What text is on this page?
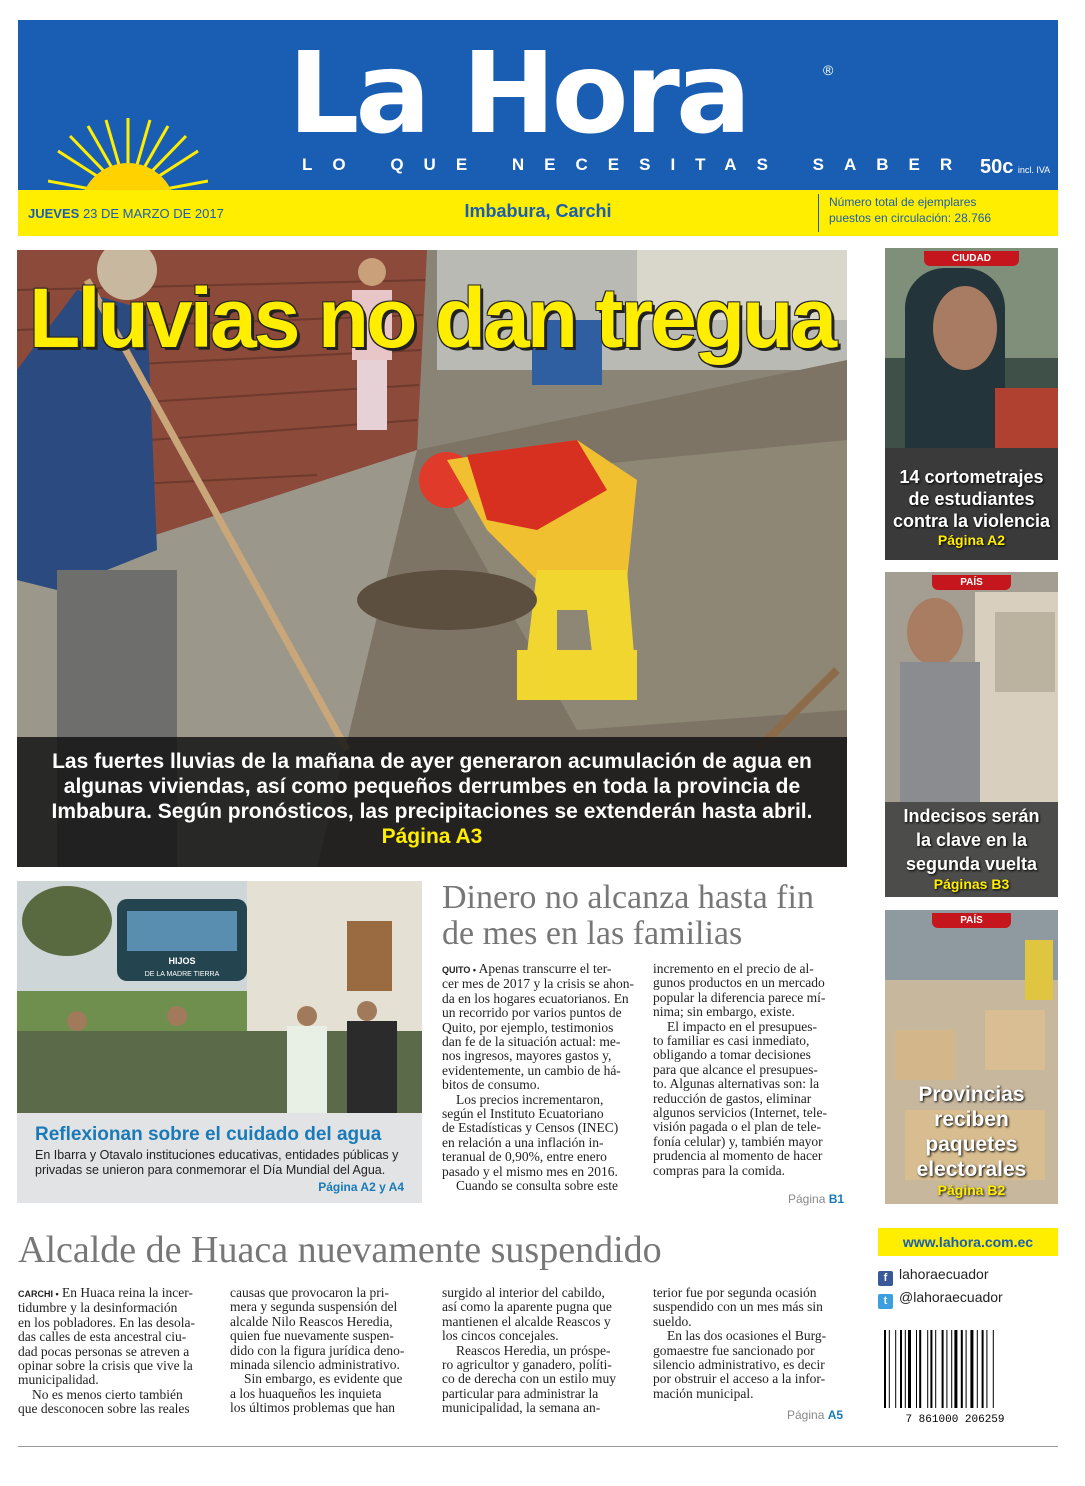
La Hora	®
LO QUE NECESITAS SABER 50c incl. IVA
JUEVES 23 DE MARZO DE 2017	Imbabura, Carchi	Número total de ejemplares
puestos en circulación: 28.766
Lluvias no dan tregua
Las fuertes lluvias de la mañana de ayer generaron acumulación de agua en
algunas viviendas, así como pequeños derrumbes en toda la provincia de
Imbabura. Según pronósticos, las precipitaciones se extenderán hasta abril.
Página A3
CIUDAD
14 cortometrajes
de estudiantes
contra la violencia
Página A2
PAÍS
Indecisos serán
la clave en la
segunda vuelta
Páginas B3
PAÍS
Provincias
reciben
paquetes
electorales
Página B2
HIJOS
DE LA MADRE TIERRA
Reflexionan sobre el cuidado del agua
En Ibarra y Otavalo instituciones educativas, entidades públicas y
privadas se unieron para conmemorar el Día Mundial del Agua.
Página A2 y A4
Dinero no alcanza hasta fin
de mes en las familias
QUITO • Apenas transcurre el ter-
cer mes de 2017 y la crisis se ahon-
da en los hogares ecuatorianos. En
un recorrido por varios puntos de
Quito, por ejemplo, testimonios
dan fe de la situación actual: me-
nos ingresos, mayores gastos y,
evidentemente, un cambio de há-
bitos de consumo.
Los precios incrementaron,
según el Instituto Ecuatoriano
de Estadísticas y Censos (INEC)
en relación a una inflación in-
teranual de 0,90%, entre enero
pasado y el mismo mes en 2016.
Cuando se consulta sobre este
incremento en el precio de al-
gunos productos en un mercado
popular la diferencia parece mí-
nima; sin embargo, existe.
El impacto en el presupues-
to familiar es casi inmediato,
obligando a tomar decisiones
para que alcance el presupues-
to. Algunas alternativas son: la
reducción de gastos, eliminar
algunos servicios (Internet, tele-
visión pagada o el plan de tele-
fonía celular) y, también mayor
prudencia al momento de hacer
compras para la comida.
Página B1
Alcalde de Huaca nuevamente suspendido
CARCHI • En Huaca reina la incer-
tidumbre y la desinformación
en los pobladores. En las desola-
das calles de esta ancestral ciu-
dad pocas personas se atreven a
opinar sobre la crisis que vive la
municipalidad.
No es menos cierto también
que desconocen sobre las reales
causas que provocaron la pri-
mera y segunda suspensión del
alcalde Nilo Reascos Heredia,
quien fue nuevamente suspen-
dido con la figura jurídica deno-
minada silencio administrativo.
Sin embargo, es evidente que
a los huaqueños les inquieta
los últimos problemas que han
surgido al interior del cabildo,
así como la aparente pugna que
mantienen el alcalde Reascos y
los cincos concejales.
Reascos Heredia, un próspe-
ro agricultor y ganadero, políti-
co de derecha con un estilo muy
particular para administrar la
municipalidad, la semana an-
terior fue por segunda ocasión
suspendido con un mes más sin
sueldo.
En las dos ocasiones el Burg-
gomaestre fue sancionado por
silencio administrativo, es decir
por obstruir el acceso a la infor-
mación municipal.
Página A5
www.lahora.com.ec
f lahoraecuador
t @lahoraecuador
7 861000 206259
